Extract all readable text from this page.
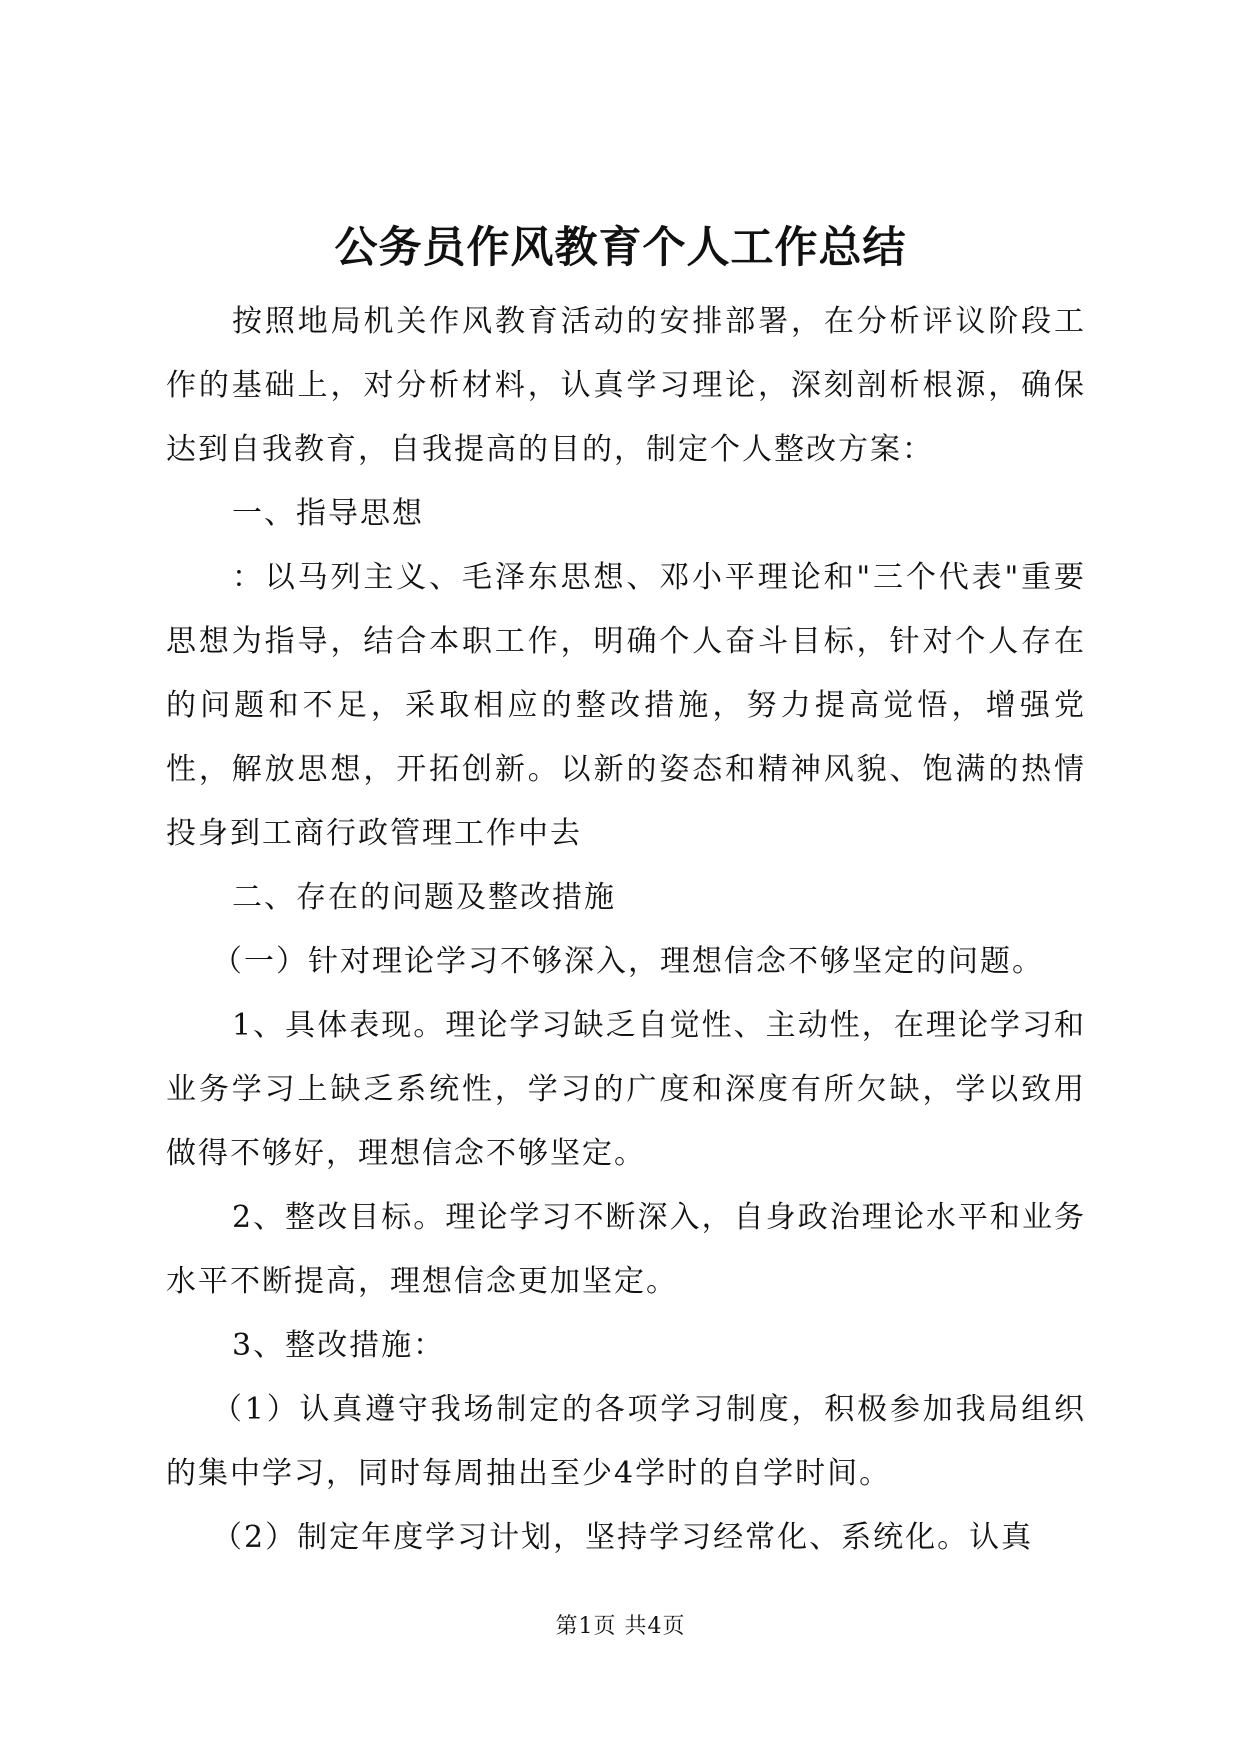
公务员作风教育个人工作总结

按照地局机关作风教育活动的安排部署，在分析评议阶段工作的基础上，对分析材料，认真学习理论，深刻剖析根源，确保达到自我教育，自我提高的目的，制定个人整改方案：

一、指导思想

：以马列主义、毛泽东思想、邓小平理论和"三个代表"重要思想为指导，结合本职工作，明确个人奋斗目标，针对个人存在的问题和不足，采取相应的整改措施，努力提高觉悟，增强党性，解放思想，开拓创新。以新的姿态和精神风貌、饱满的热情投身到工商行政管理工作中去

二、存在的问题及整改措施

（一）针对理论学习不够深入，理想信念不够坚定的问题。

1、具体表现。理论学习缺乏自觉性、主动性，在理论学习和业务学习上缺乏系统性，学习的广度和深度有所欠缺，学以致用做得不够好，理想信念不够坚定。

2、整改目标。理论学习不断深入，自身政治理论水平和业务水平不断提高，理想信念更加坚定。

3、整改措施：

（1）认真遵守我场制定的各项学习制度，积极参加我局组织的集中学习，同时每周抽出至少4学时的自学时间。

（2）制定年度学习计划，坚持学习经常化、系统化。认真

第1页 共4页
